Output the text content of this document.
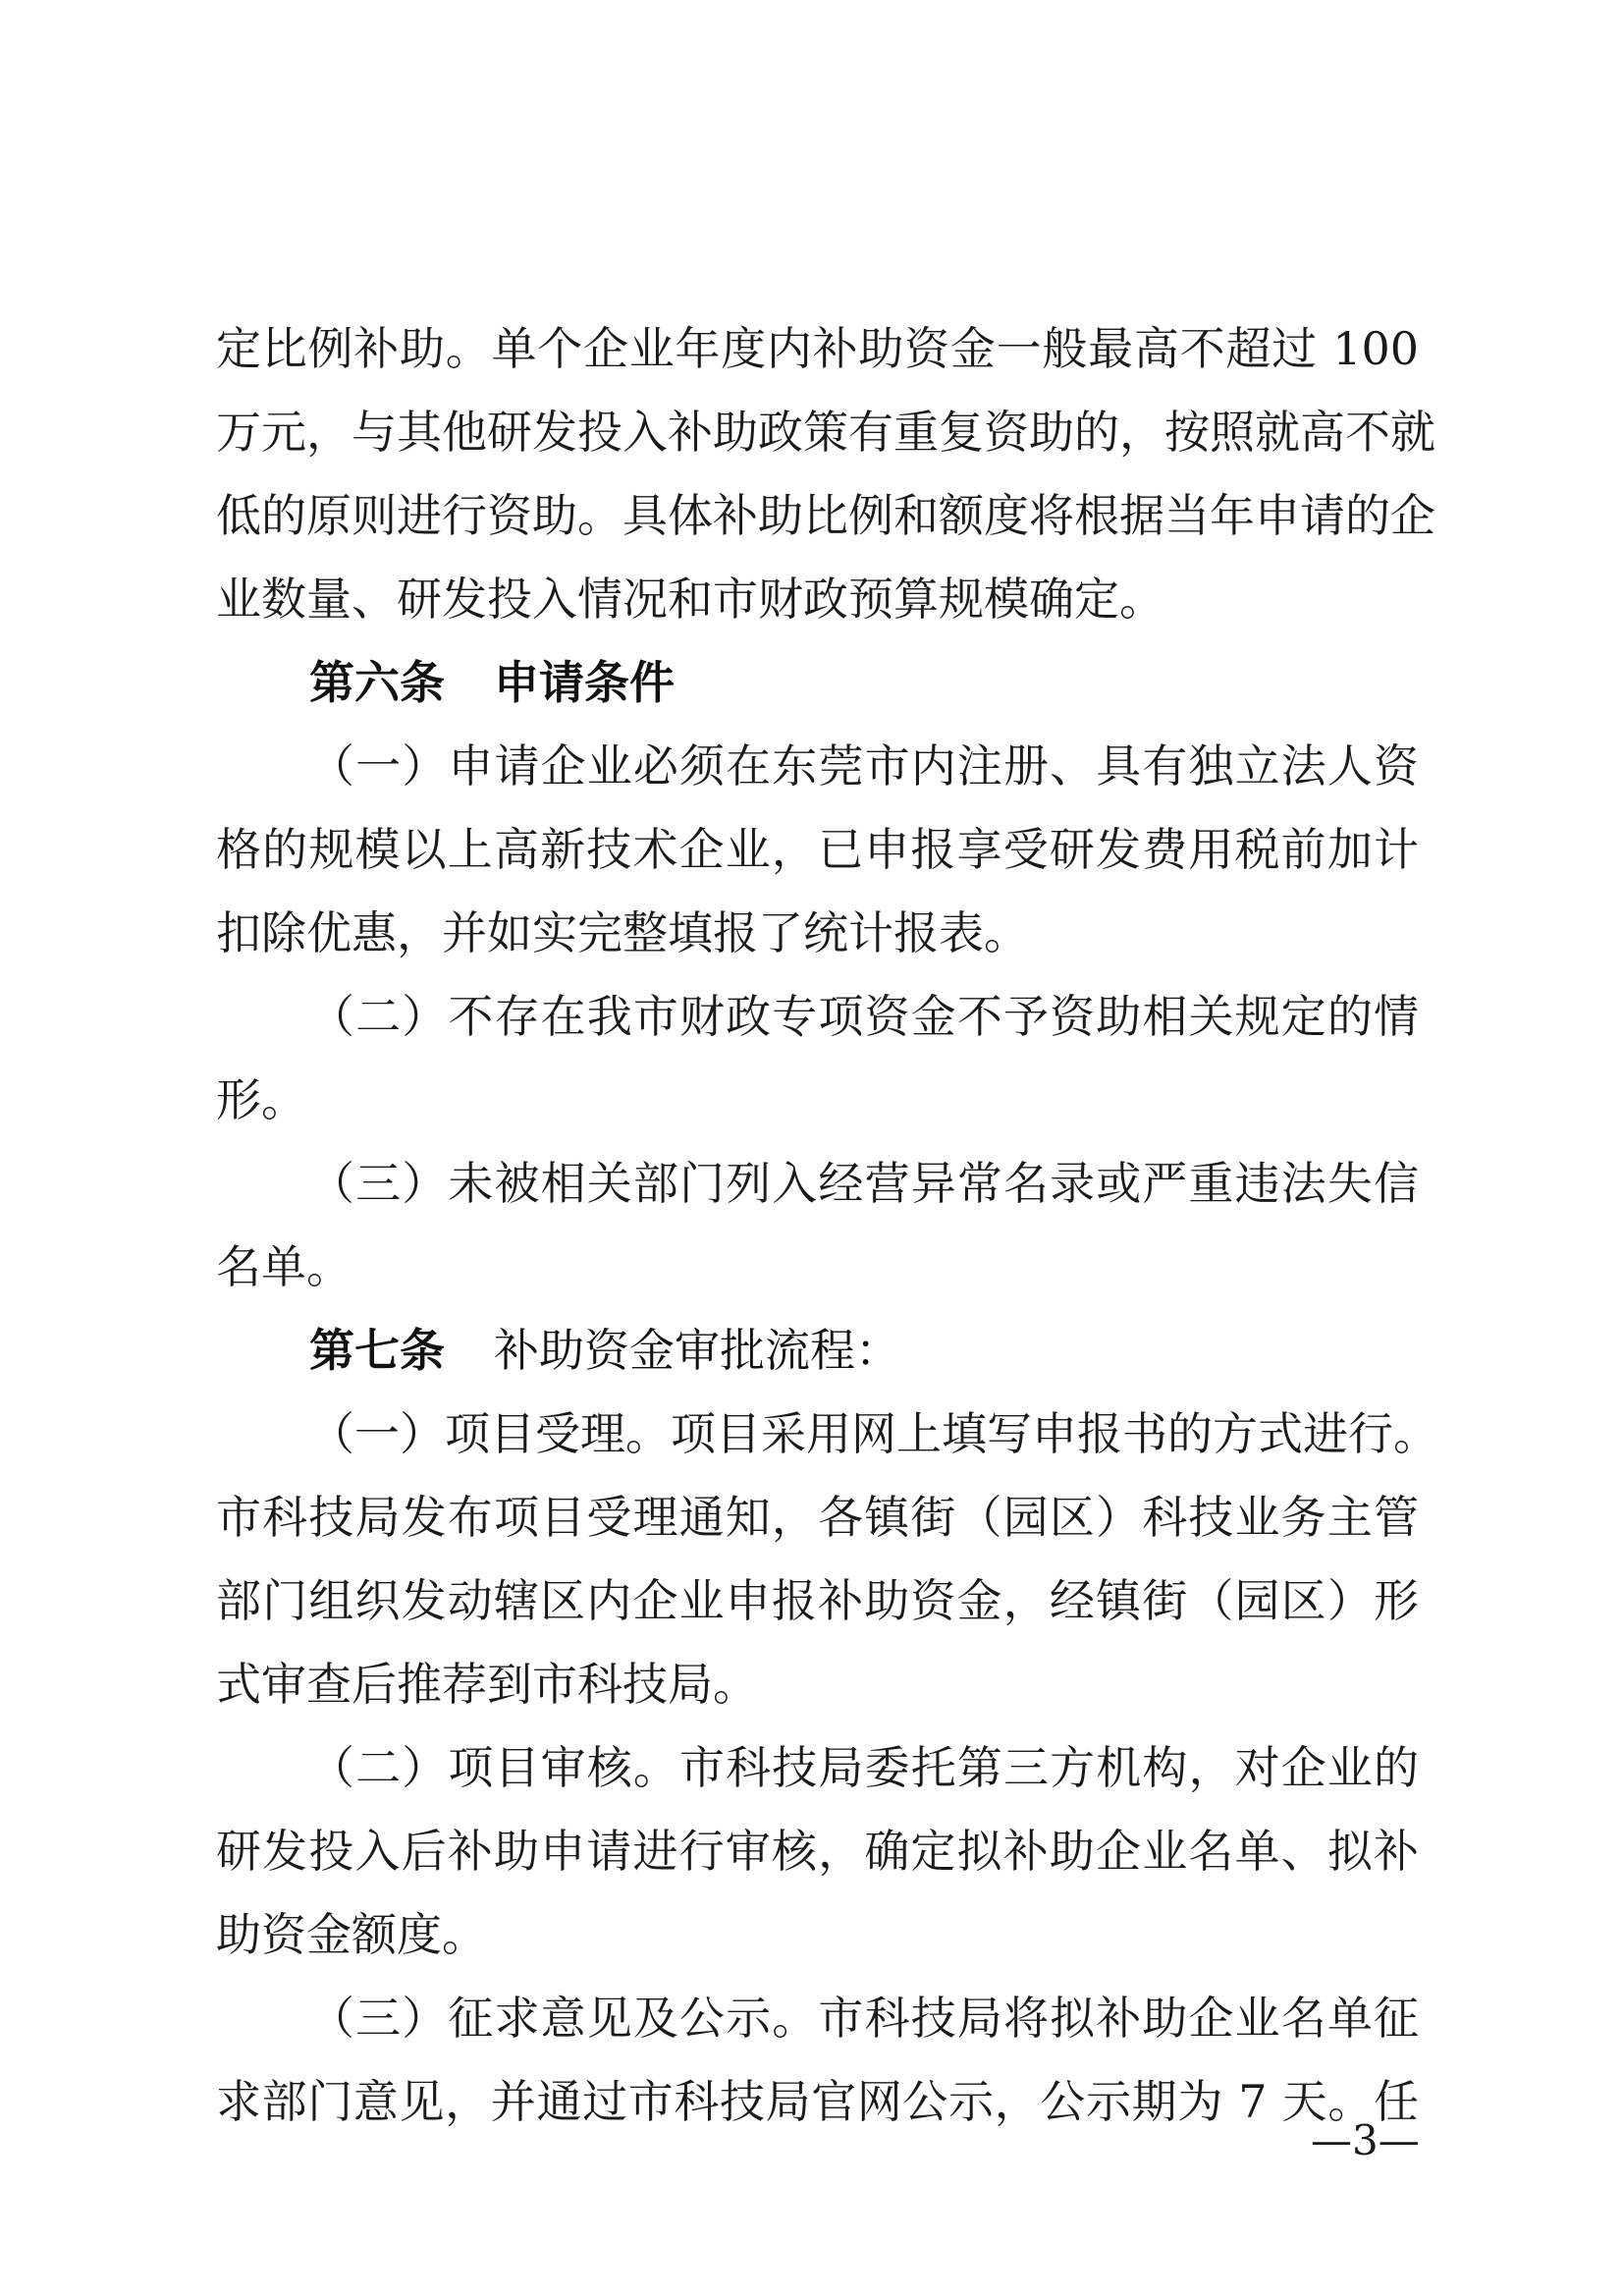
定比例补助。单个企业年度内补助资金一般最高不超过 100
万元，与其他研发投入补助政策有重复资助的，按照就高不就
低的原则进行资助。具体补助比例和额度将根据当年申请的企
业数量、研发投入情况和市财政预算规模确定。
第六条 申请条件
（一）申请企业必须在东莞市内注册、具有独立法人资
格的规模以上高新技术企业，已申报享受研发费用税前加计
扣除优惠，并如实完整填报了统计报表。
（二）不存在我市财政专项资金不予资助相关规定的情
形。
（三）未被相关部门列入经营异常名录或严重违法失信
名单。
第七条 补助资金审批流程：
（一）项目受理。项目采用网上填写申报书的方式进行。
市科技局发布项目受理通知，各镇街（园区）科技业务主管
部门组织发动辖区内企业申报补助资金，经镇街（园区）形
式审查后推荐到市科技局。
（二）项目审核。市科技局委托第三方机构，对企业的
研发投入后补助申请进行审核，确定拟补助企业名单、拟补
助资金额度。
（三）征求意见及公示。市科技局将拟补助企业名单征
求部门意见，并通过市科技局官网公示，公示期为 7 天。任
—3—
